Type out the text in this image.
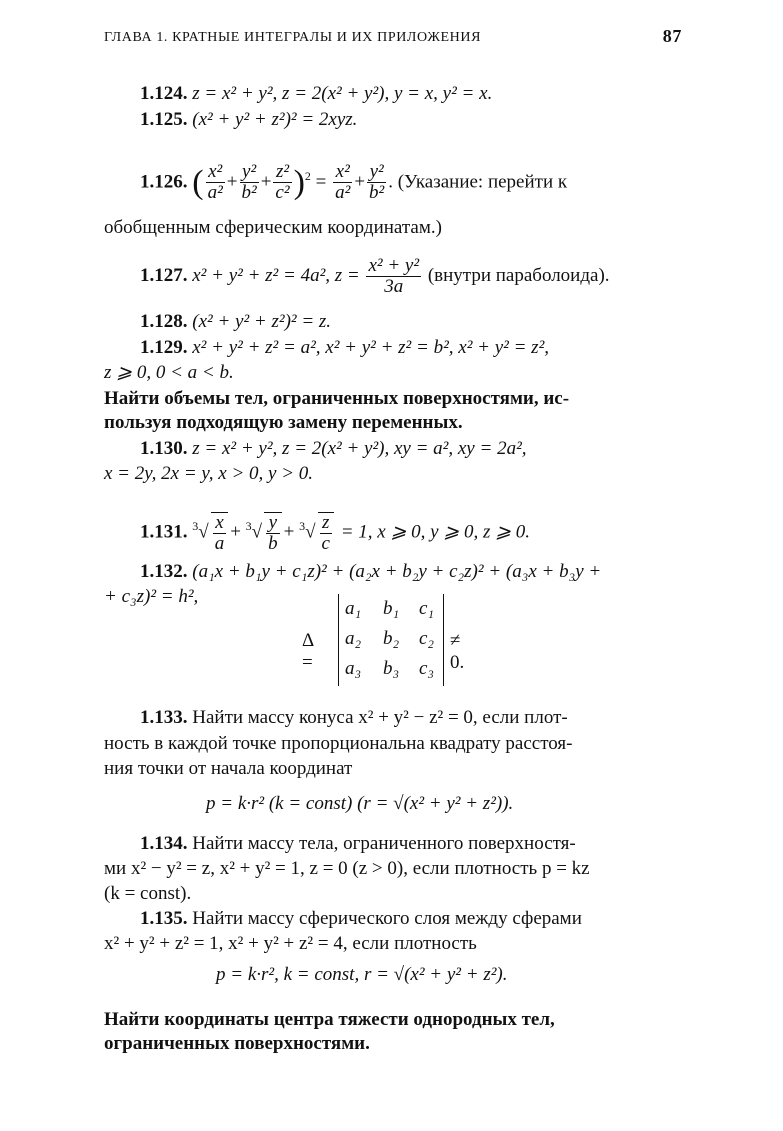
ГЛАВА 1. КРАТНЫЕ ИНТЕГРАЛЫ И ИХ ПРИЛОЖЕНИЯ	87
1.124. z = x² + y², z = 2(x² + y²), y = x, y² = x.
1.125. (x² + y² + z²)² = 2xyz.
1.126. ( $\frac{\text{x²}}{\text{a²}} + \frac{\text{y²}}{\text{b²}} + \frac{\text{z²}}{\text{c²}} )^2 = \frac{\text{x²}}{\text{a²}} + \frac{\text{y²}}{\text{b²}}$ . (Указание: перейти к
обобщенным сферическим координатам.)
1.127. x² + y² + z² = 4a², $z = \frac{\text{x² + y²}}{3a}$ (внутри параболоида).
1.128. (x² + y² + z²)² = z.
1.129. x² + y² + z² = a², x² + y² + z² = b², x² + y² = z²,
z ⩾ 0, 0 < a < b.
Найти объемы тел, ограниченных поверхностями, ис-
пользуя подходящую замену переменных.
1.130. z = x² + y², z = 2(x² + y²), xy = a², xy = 2a²,
x = 2y, 2x = y, x > 0, y > 0.
1.131. $^3√ \frac{x}{a} + ^3√ \frac{y}{b} + ^3√ \frac{z}{c} = 1$, x ⩾ 0, y ⩾ 0, z ⩾ 0.
1.132. (a₁x + b₁y + c₁z)² + (a₂x + b₂y + c₂z)² + (a₃x + b₃y +
+ c₃z)² = h²,
Δ =
a₁ b₁ c₁
a₂ b₂ c₂
a₃ b₃ c₃
≠ 0.
1.133. Найти массу конуса x² + y² − z² = 0, если плот-
ность в каждой точке пропорциональна квадрату расстоя-
ния точки от начала координат
p = k·r² (k = const) (r = √(x² + y² + z²)).
1.134. Найти массу тела, ограниченного поверхностя-
ми x² − y² = z, x² + y² = 1, z = 0 (z > 0), если плотность p = kz
(k = const).
1.135. Найти массу сферического слоя между сферами
x² + y² + z² = 1, x² + y² + z² = 4, если плотность
p = k·r², k = const, r = √(x² + y² + z²).
Найти координаты центра тяжести однородных тел,
ограниченных поверхностями.
